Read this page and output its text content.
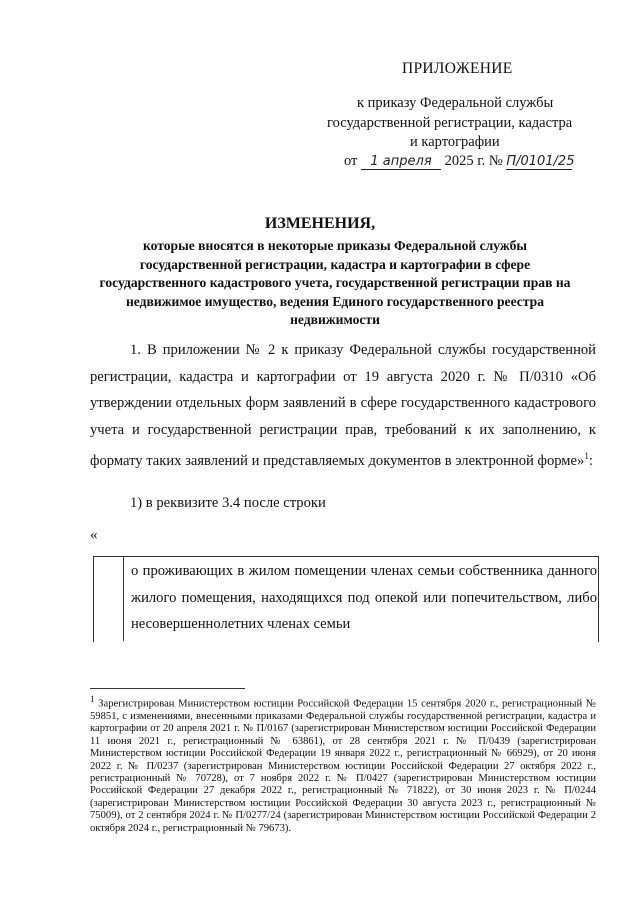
ПРИЛОЖЕНИЕ
к приказу Федеральной службы
государственной регистрации, кадастра
и картографии
от 1 апреля 2025 г. № П/0101/25
ИЗМЕНЕНИЯ,
которые вносятся в некоторые приказы Федеральной службы государственной регистрации, кадастра и картографии в сфере государственного кадастрового учета, государственной регистрации прав на недвижимое имущество, ведения Единого государственного реестра недвижимости
1. В приложении № 2 к приказу Федеральной службы государственной регистрации, кадастра и картографии от 19 августа 2020 г. № П/0310 «Об утверждении отдельных форм заявлений в сфере государственного кадастрового учета и государственной регистрации прав, требований к их заполнению, к формату таких заявлений и представляемых документов в электронной форме»$^1$:
1) в реквизите 3.4 после строки
«
о проживающих в жилом помещении членах семьи собственника данного жилого помещения, находящихся под опекой или попечительством, либо несовершеннолетних членах семьи
$^1$ Зарегистрирован Министерством юстиции Российской Федерации 15 сентября 2020 г., регистрационный № 59851, с изменениями, внесенными приказами Федеральной службы государственной регистрации, кадастра и картографии от 20 апреля 2021 г. № П/0167 (зарегистрирован Министерством юстиции Российской Федерации 11 июня 2021 г., регистрационный № 63861), от 28 сентября 2021 г. № П/0439 (зарегистрирован Министерством юстиции Российской Федерации 19 января 2022 г., регистрационный № 66929), от 20 июня 2022 г. № П/0237 (зарегистрирован Министерством юстиции Российской Федерации 27 октября 2022 г., регистрационный № 70728), от 7 ноября 2022 г. № П/0427 (зарегистрирован Министерством юстиции Российской Федерации 27 декабря 2022 г., регистрационный № 71822), от 30 июня 2023 г. № П/0244 (зарегистрирован Министерством юстиции Российской Федерации 30 августа 2023 г., регистрационный № 75009), от 2 сентября 2024 г. № П/0277/24 (зарегистрирован Министерством юстиции Российской Федерации 2 октября 2024 г., регистрационный № 79673).
